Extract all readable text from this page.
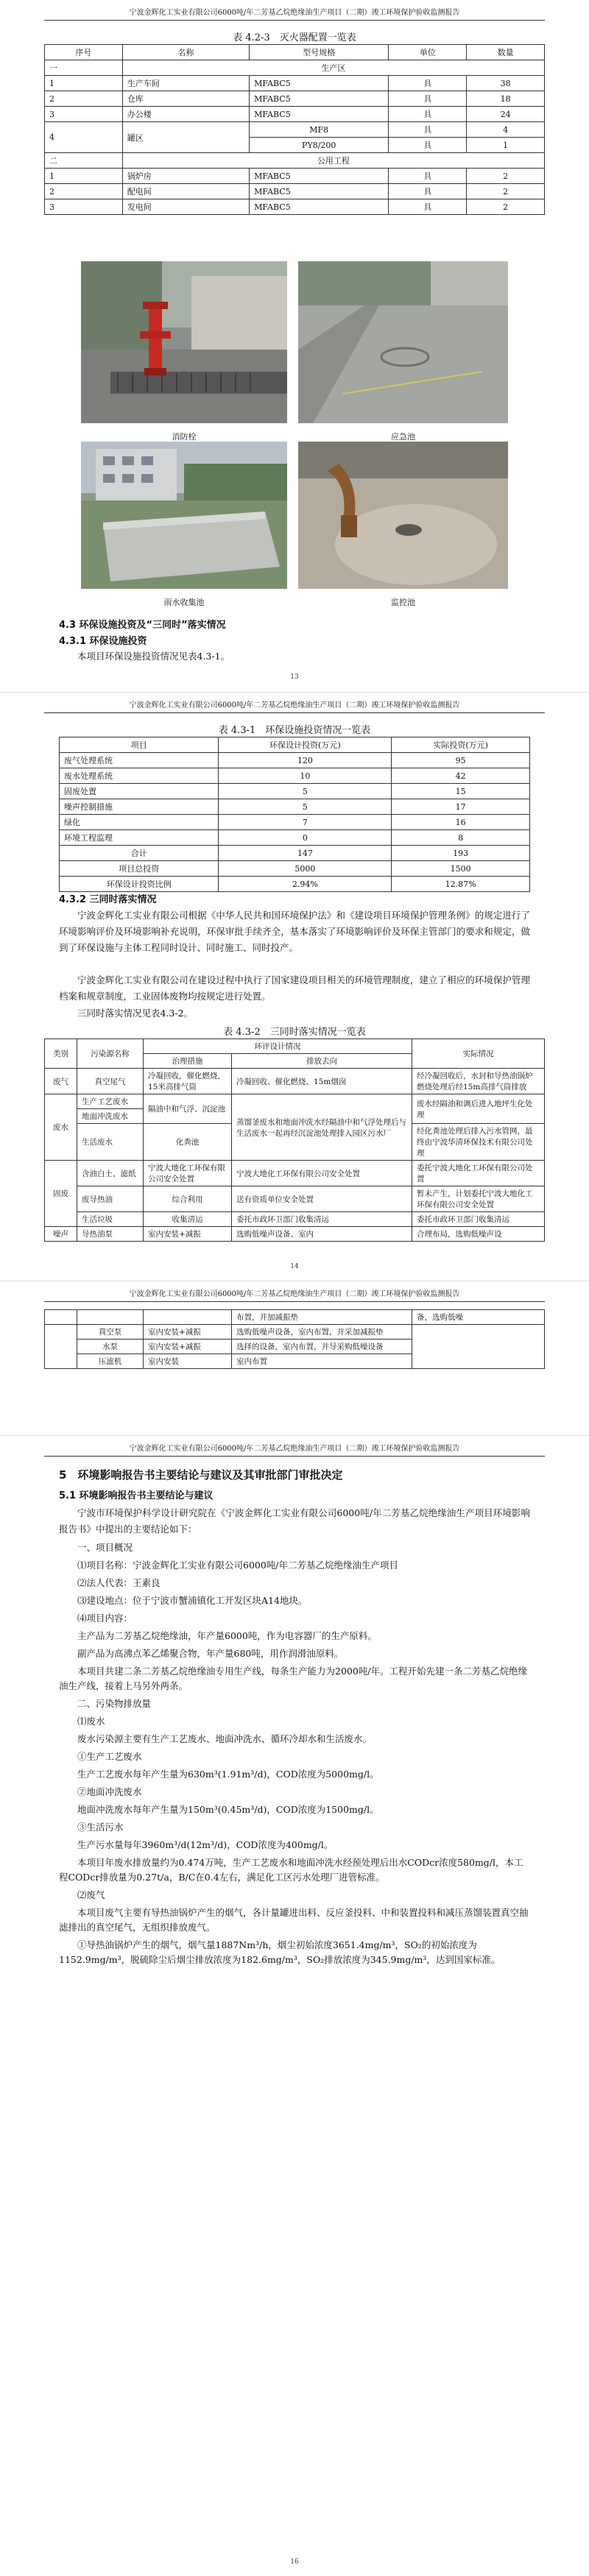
宁波金辉化工实业有限公司6000吨/年二芳基乙烷绝缘油生产项目（二期）竣工环境保护验收监测报告
表 4.2-3　灭火器配置一览表
序号	名称	型号规格	单位	数量
一	生产区			
1	生产车间	MFABC5	具	38
2	仓库	MFABC5	具	18
3	办公楼	MFABC5	具	24
4	罐区	MF8	具	4
		PY8/200	具	1
二	公用工程			
1	锅炉房	MFABC5	具	2
2	配电间	MFABC5	具	2
3	发电间	MFABC5	具	2
消防栓	应急池
雨水收集池	监控池
4.3 环保设施投资及“三同时”落实情况
4.3.1 环保设施投资
本项目环保设施投资情况见表4.3-1。
13
宁波金辉化工实业有限公司6000吨/年二芳基乙烷绝缘油生产项目（二期）竣工环境保护验收监测报告
表 4.3-1　环保设施投资情况一览表
项目	环保设计投资(万元)	实际投资(万元)
废气处理系统	120	95
废水处理系统	10	42
固废处置	5	15
噪声控制措施	5	17
绿化	7	16
环境工程监理	0	8
合计	147	193
项目总投资	5000	1500
环保设计投资比例	2.94%	12.87%
4.3.2 三同时落实情况
宁波金辉化工实业有限公司根据《中华人民共和国环境保护法》和《建设项目环境保护管理条例》的规定进行了环境影响评价及环境影响补充说明，环保审批手续齐全，基本落实了环境影响评价及环保主管部门的要求和规定，做到了环保设施与主体工程同时设计、同时施工、同时投产。
宁波金辉化工实业有限公司在建设过程中执行了国家建设项目相关的环境管理制度，建立了相应的环境保护管理档案和规章制度，工业固体废物均按规定进行处置。
三同时落实情况见表4.3-2。
表 4.3-2　三同时落实情况一览表
类别	污染源名称	环评设计情况		实际情况
		治理措施	排放去向	
废气	真空尾气	冷凝回收，催化燃烧，15米高排气筒	冷凝回收、催化燃烧、15m烟囱	经冷凝回收后，水封和导热油锅炉燃烧处理后经15m高排气筒排放
废水	生产工艺废水	隔油中和气浮、沉淀池	蒸馏釜废水和地面冲洗水经隔油中和气浮处理后与生活废水一起再经沉淀池处理排入园区污水厂	废水经隔油和调后进入地坪生化处理
	地面冲洗废水			
	生活废水	化粪池		经化粪池处理后排入污水管网，最终由宁波华清环保技术有限公司处理
固废	含油白土、滤纸	宁波大地化工环保有限公司安全处置	宁波大地化工环保有限公司安全处置	委托宁波大地化工环保有限公司处置
	废导热油	综合利用	送有资质单位安全处置	暂未产生，计划委托宁波大地化工环保有限公司安全处置
	生活垃圾	收集清运	委托市政环卫部门收集清运	委托市政环卫部门收集清运
噪声	导热油泵	室内安装+减振	选购低噪声设备、室内	合理布局，选购低噪声设
14
宁波金辉化工实业有限公司6000吨/年二芳基乙烷绝缘油生产项目（二期）竣工环境保护验收监测报告
			布置，并加减振垫	备，选购低噪
	真空泵	室内安装+减振	选购低噪声设备，室内布置，并采加减振垫	
	水泵	室内安装+减振	选择的设备，室内布置，并导采购低噪设备	
	压滤机	室内安装	室内布置	
宁波金辉化工实业有限公司6000吨/年二芳基乙烷绝缘油生产项目（二期）竣工环境保护验收监测报告
5　环境影响报告书主要结论与建议及其审批部门审批决定
5.1 环境影响报告书主要结论与建议
宁波市环境保护科学设计研究院在《宁波金辉化工实业有限公司6000吨/年二芳基乙烷绝缘油生产项目环境影响报告书》中提出的主要结论如下：
一、项目概况
⑴项目名称：宁波金辉化工实业有限公司6000吨/年二芳基乙烷绝缘油生产项目
⑵法人代表：王素良
⑶建设地点：位于宁波市蟹浦镇化工开发区块A14地块。
⑷项目内容：
主产品为二芳基乙烷绝缘油，年产量6000吨，作为电容器厂的生产原料。
副产品为高沸点苯乙烯聚合物，年产量680吨，用作润滑油原料。
本项目共建二条二芳基乙烷绝缘油专用生产线，每条生产能力为2000吨/年。工程开始先建一条二芳基乙烷绝缘油生产线，接着上马另外两条。
二、污染物排放量
⑴废水
废水污染源主要有生产工艺废水、地面冲洗水、循环冷却水和生活废水。
①生产工艺废水
生产工艺废水每年产生量为630m³(1.91m³/d)，COD浓度为5000mg/l。
②地面冲洗废水
地面冲洗废水每年产生量为150m³(0.45m³/d)，COD浓度为1500mg/l。
③生活污水
生产污水量每年3960m³/d(12m³/d)，COD浓度为400mg/l。
本项目年废水排放量约为0.474万吨，生产工艺废水和地面冲洗水经预处理后出水CODcr浓度580mg/l，本工程CODcr排放量为0.27t/a，B/C在0.4左右，满足化工区污水处理厂进管标准。
⑵废气
本项目废气主要有导热油锅炉产生的烟气，各计量罐进出料、反应釜投料、中和装置投料和减压蒸馏装置真空抽滤排出的真空尾气，无组织排放废气。
①导热油锅炉产生的烟气，烟气量1887Nm³/h，烟尘初始浓度3651.4mg/m³，SO₂的初始浓度为1152.9mg/m³，脱硫除尘后烟尘排放浓度为182.6mg/m³，SO₂排放浓度为345.9mg/m³，达到国家标准。
16
